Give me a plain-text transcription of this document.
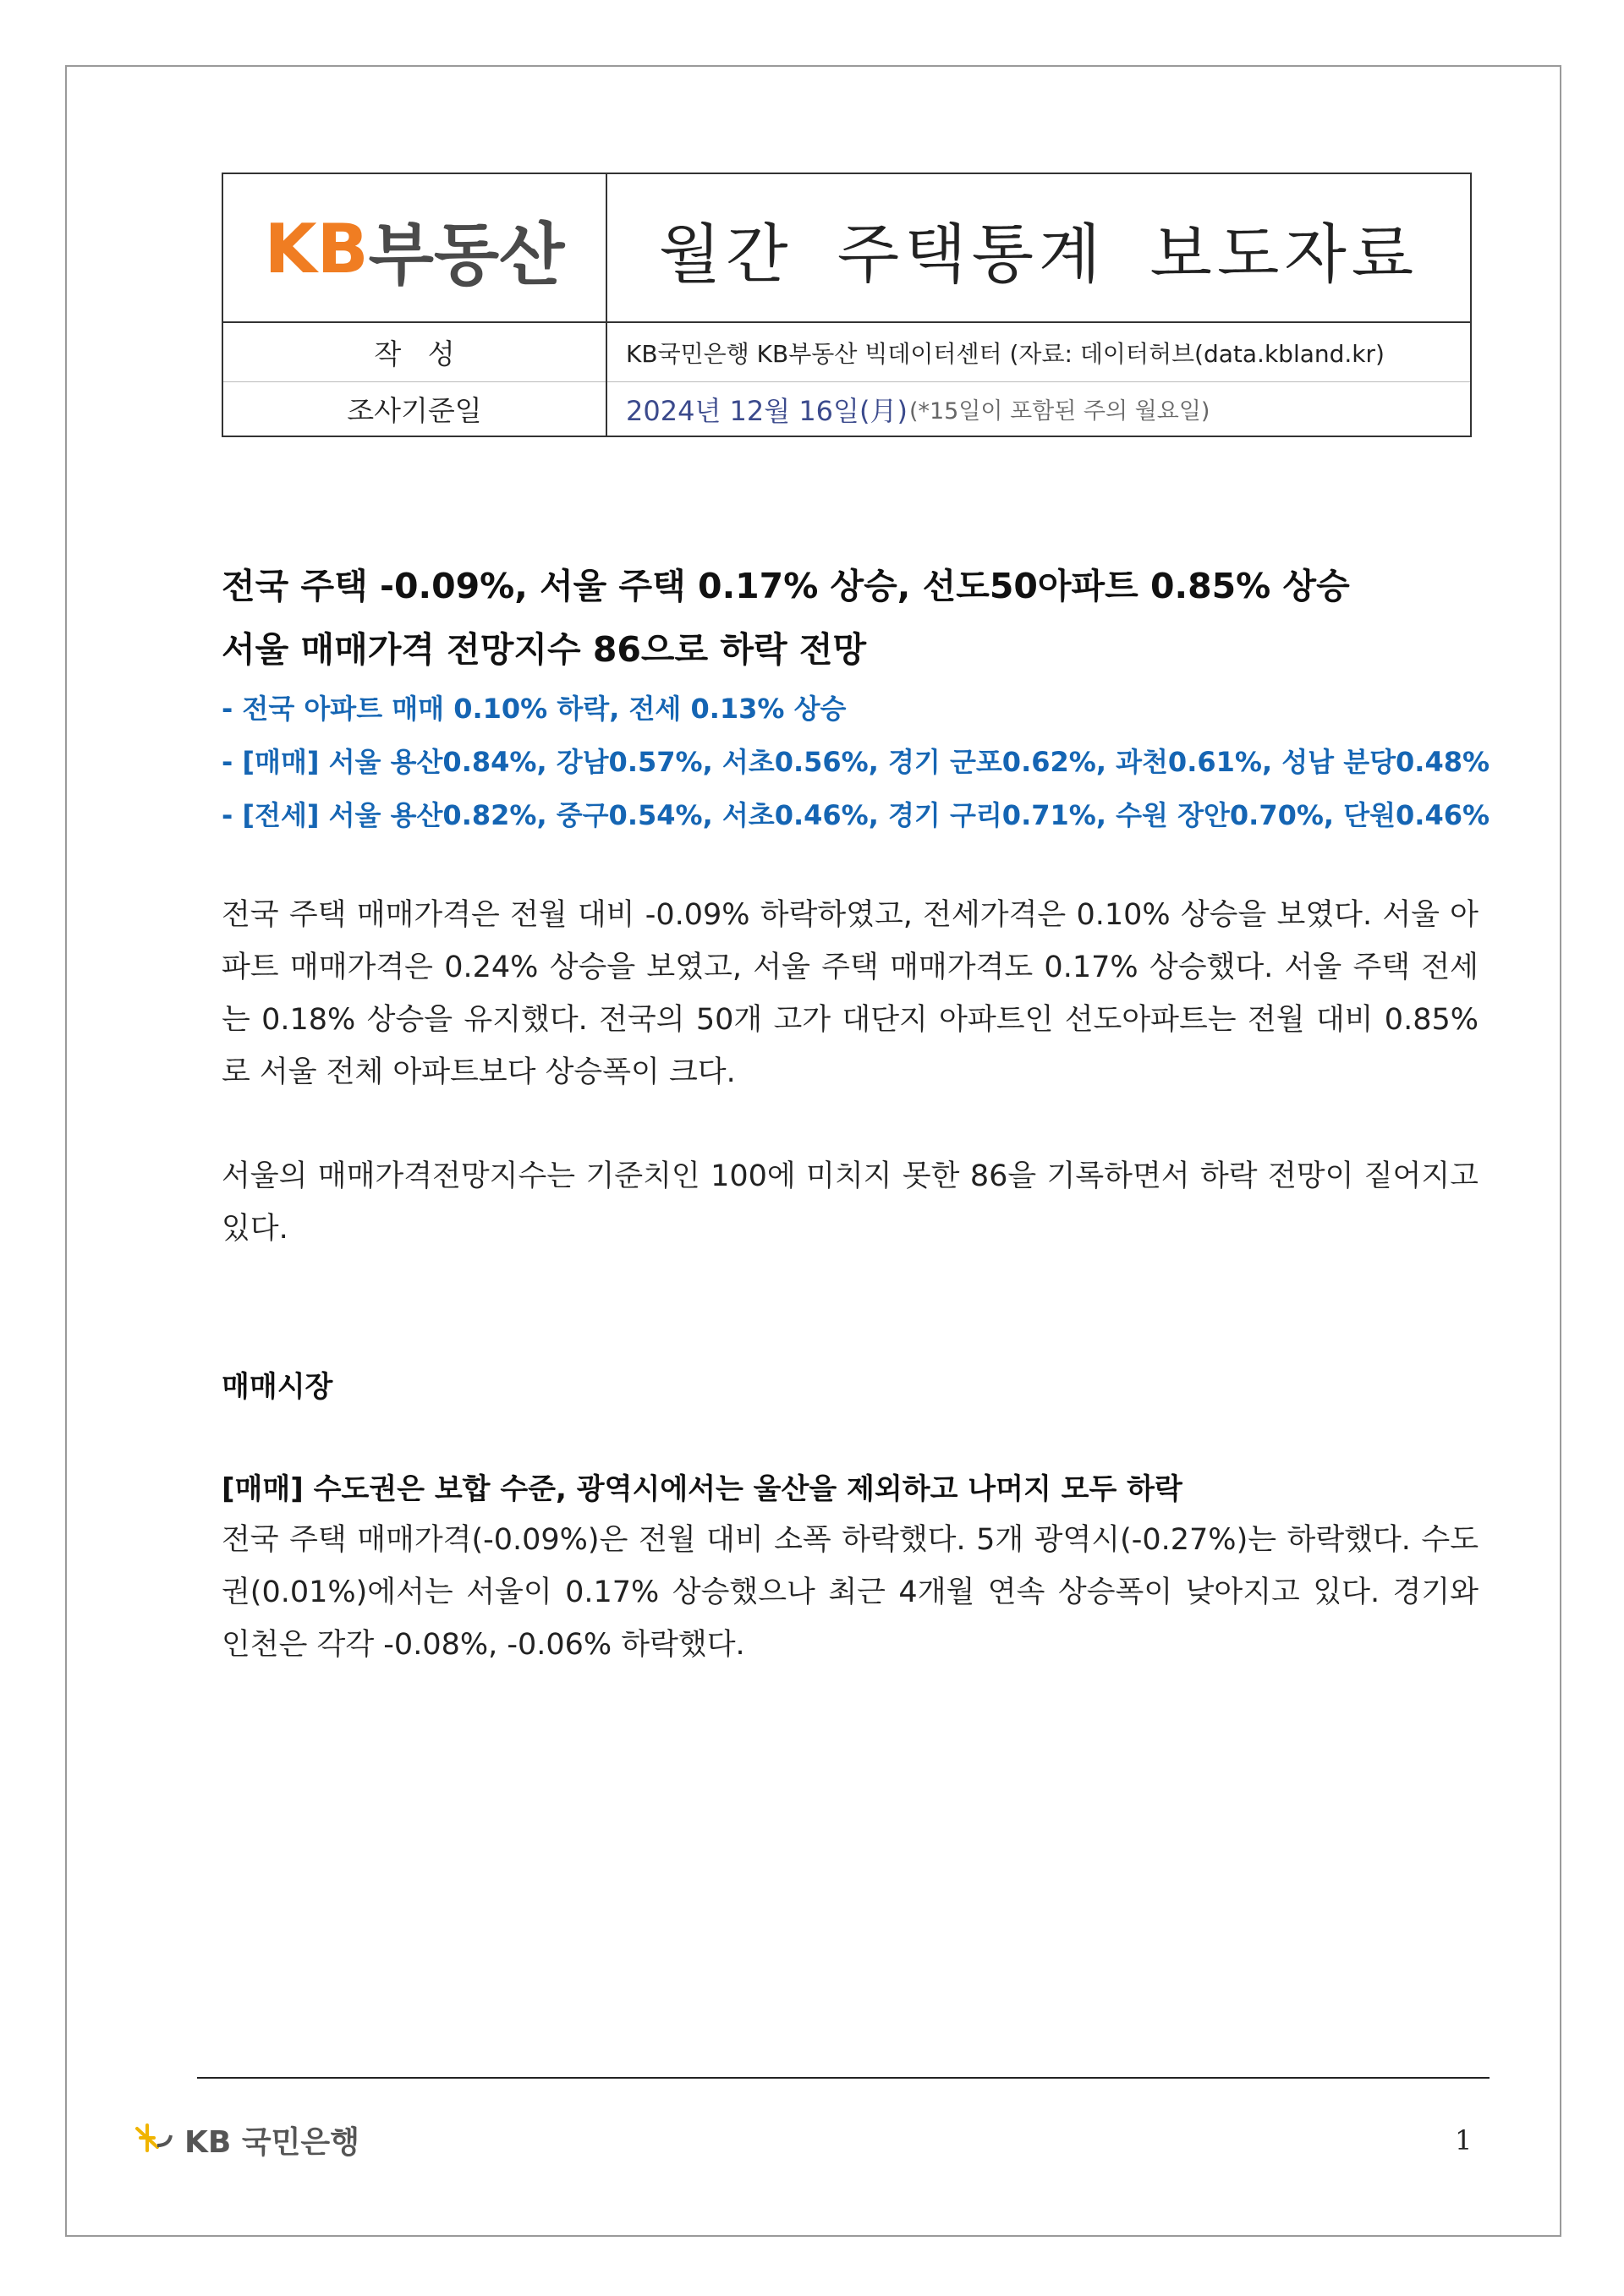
KB 부동산	월간 주택통계 보도자료
작   성	KB국민은행 KB부동산 빅데이터센터 (자료: 데이터허브(data.kbland.kr)
조사기준일	2024년 12월 16일(月) (*15일이 포함된 주의 월요일)
전국 주택 -0.09%, 서울 주택 0.17% 상승, 선도50아파트 0.85% 상승
서울 매매가격 전망지수 86으로 하락 전망
- 전국 아파트 매매 0.10% 하락, 전세 0.13% 상승
- [매매] 서울 용산0.84%, 강남0.57%, 서초0.56%, 경기 군포0.62%, 과천0.61%, 성남 분당0.48%
- [전세] 서울 용산0.82%, 중구0.54%, 서초0.46%, 경기 구리0.71%, 수원 장안0.70%, 단원0.46%
전국 주택 매매가격은 전월 대비 -0.09% 하락하였고, 전세가격은 0.10% 상승을 보였다. 서울 아파트 매매가격은 0.24% 상승을 보였고, 서울 주택 매매가격도 0.17% 상승했다. 서울 주택 전세는 0.18% 상승을 유지했다. 전국의 50개 고가 대단지 아파트인 선도아파트는 전월 대비 0.85%로 서울 전체 아파트보다 상승폭이 크다.
서울의 매매가격전망지수는 기준치인 100에 미치지 못한 86을 기록하면서 하락 전망이 짙어지고 있다.
매매시장
[매매] 수도권은 보합 수준, 광역시에서는 울산을 제외하고 나머지 모두 하락
전국 주택 매매가격(-0.09%)은 전월 대비 소폭 하락했다. 5개 광역시(-0.27%)는 하락했다. 수도권(0.01%)에서는 서울이 0.17% 상승했으나 최근 4개월 연속 상승폭이 낮아지고 있다. 경기와 인천은 각각 -0.08%, -0.06% 하락했다.
KB 국민은행	1
